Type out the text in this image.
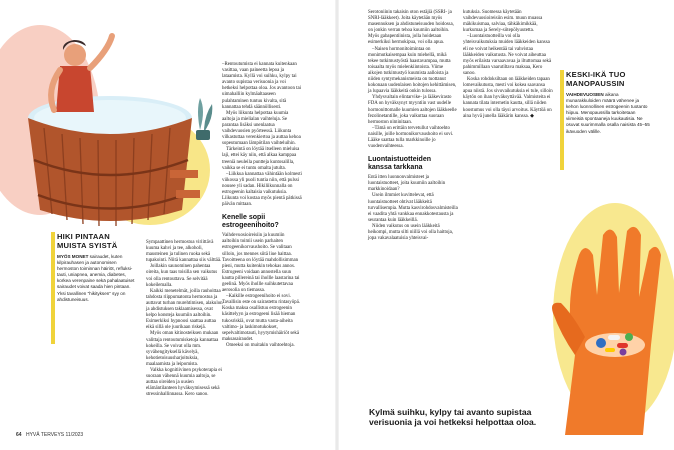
HIKI PINTAAN
MUISTA SYISTÄ
MYÖS MONET sairaudet, kuten kilpirauhasen ja autonomisen hermoston toiminnan häiriöt, refluksitauti, uniapnea, anemia, diabetes, korkea verenpaine sekä pahalaatuiset sairaudet voivat saada hien pintaan. Yksi tavallinen “hikityksen” syy on ahdistuneisuus.

Sympaattinen hermostoa viriittävä kuuma kahvi ja tee, alkoholi, mausteinen ja tulinen ruoka sekä tupakointi. Niitä kannattaa siis välttää.

Joillakin saunominen pahentaa oireita, kun taas toisilla sen vaikutus voi olla rentouttava. Se selvitää kokeilemalla.

Kaikki menetelmät, joilla rauhoittaa tahdosta riippumatonta hermostoa ja auttavat turhan murehtimisen, alakulon ja ahdistuksen taklaamisessa, ovat kelpo konsteja kuumiin aaltoihin. Esimerkiksi hypnoosi saattaa auttaa eikä sillä ole juurikaan riskejä.

Myös oman kitinosteiksen mukaan valittaja rentoutumisketoja kannattaa kokeilla. Se voivat olla mm. syvähengityksellä kävelyä, kehotietoisuusharjoituksia, maalaamista ja leipomista.

Valkka kognitiivinen psykoterapia ei suoraan vähennä kuumia aaltoja, se auttaa oireiden ja uusien elämäntilanteen hyväksymisessä sekä stressinhallinnassa. Kero sanoo.

–Rentoutumista ei kannata kuitenkaan vasittaa, vaan paineetta lepoa ja lataamista. Kyllä voi suihku, kylpy tai avanto supistaa verisuonia ja voi hetkeksi helpottaa oloa. Jos avantoon tai uimahalliin kylmäaltaaseen pulahtaminen tuntuu kivalta, sitä kannattaa tehdä säännöllisesti.

Myös liikunta helpottaa kuumia aaltoja ja mielialan vaihteluja. Se parantaa lisäksi unenlaatua vaihdevuosien pyörteessä. Liikunta vilkastuttaa verenkiertoa ja auttaa kehoa sopeutumaan lämpötilan vaihteluihin.

Tärkeintä on löytää itselleen mieluisa laji, ettei käy niin, että alkaa kamppaa treeniä neuleila puntteja kuntosalilla, vaikka se ei tuntu omalta jutulta.

–Liikkua kannattaa vähintään kolmesti viikossa yli puoli tuntia niin, että pulssi nousee yli sadan. Hikiliikunnalla on estrogeenin kaltaisia vaikutuksia. Liikunta voi kostaa myös pientä pätkissä päivän mittaan.

Kenelle sopii estrogeenihoito?

Vaihdevuosioireisiin ja kuumiin aaltoihin toimii usein parhaiten estrogeenikorvaushoito. Se valitaan silloin, jos mennes siitä liue haittaa. Tavoitteena on löytää mahdollisimman pieni, mutta kuitenkin tehokas annos. Estrogeeni voidaan annostella suun kautta pillereinä tai ihollle laastarina tai geelinä. Myös ihollle suihkutettavaa aerosolia on tiemassa.

–Kaikille estrogeenihoito ei sovi. Tavallisin este on sairastettu rintasyöpä. Koska maksa osallistuu estrogeenin käsittelyyn ja estrogeeni lisää hieman tukosriskiä, ovat mutta vasta-aiheita valtimo- ja laskimotukokset, sepelvaltimotauti, hyytymishäiriöt sekä maksasairaudet.

Omeeksi on muitakin vaihtoehtoja.

Serotoniinin takaisin oton estäjiä (SSRI- ja SNRI-lääkkeet). Joita käytetään myös masennuksen ja ahdistuneisuuden hoidossa, on jonkin verran tehoa kuumiin aaltoihin. Myös gabapentiinista, jolla hoidetaan esimerkiksi hermokipua, voi olla apua.

–Naisen hormonitoimintaa on monimutkaisempaa kuin miehellä, mikä tekee tutkimustyöstä haastavampaa, mutta toisaalta myös mielenkiintoista. Viime aikojen tutkimustyö kuumista aalloista ja niiden syntymekanismeista on tuottanut kokonaan uudenlaisen hoitojen kehittämisen, ja lupaavia lääkkeitä onkin tulossa.

Yhdysvaltain elintarvike- ja lääkevirasto FDA on hyväksynyt myyntiin vast uudelle hormonittomalle kuumien aaltojen lääkkeelle fezolinetantille, joka vaikuttaa suoraan hermoston niminitaan.

–Tämä on erittäin tervetullut vaihtoehto naisille, joille hormonikorvaushoito ei sovi. Lääke saattaa tulla markkinoille jo vuodenvaihteessa.

Luontaistuotteiden
kanssa tarkkana

Entä itten luonnonvalmisteet ja luontaistuotteet, joita kuumiin aaltoihin markkinoidaan?

Usein ilmmiet kuvittelevat, että luontaistuotteet ohtivat lääkkeitä turvallisempia. Mutta kasvirohdosvalmisteilla ei vaadita yhtä vankkaa ennakkotestausta ja seurantaa kuin lääkkeillä.

Niiden vaikutus on usein lääkkeitä heikompi, mutta silti niillä voi olla haittoja, jopa vakavalaatuisia yhteisvai-

kutuksia. Suomessa käytetään vaihdevuosioireisiin esim. muun muassa mäkikuismaa, salviaa, tähkäkimikkää, kurkumaa ja Serely-siitepölyuutetta.

–Luontaistuotteilla voi olla yhteisvaikutuksia muiden lääkkeiden kanssa eli ne voivat heikentää tai vahvistaa lääkkeiden vaikutusta. Ne voivat aiheuttaa myös erilaista varsaavavaa ja iltuttomaa sekä pahimmillaan vaarutiltava maksaa, Kero sanoo.

Koska rohdoksiltaan on lääkkeiden tapaan lomevaikutusta, mesti voi kokea saavansa apua niistä. Jos sivuvaikutuksia ei tule, silloin käytön on ihan hyväksyttävää. Valmisteita ei kannata tilata internetin kautta, sillä niiden koostumus voi olla täysi arvoitus. Käyttöä on aina hyvä junella lääkärin kanssa. ◆

KESKI-IKÄ TUO
MANOPAUSSIN
VAIHDEVUOSIEN aikana munarakkuloiden määrä vähenee ja kehon luonnollinen estrogeenin tuotanto hiipuu. Menopaussilla tarkoitetaan viimeisiä spontaaneja kuukautisia. Ne osuvat suurimmalla osalla naisista 45–55 ikävuoden välille.
Kylmä suihku, kylpy tai avanto supistaa verisuonia ja voi hetkeksi helpottaa oloa.
64 HYVÄ TERVEYS 11/2023
